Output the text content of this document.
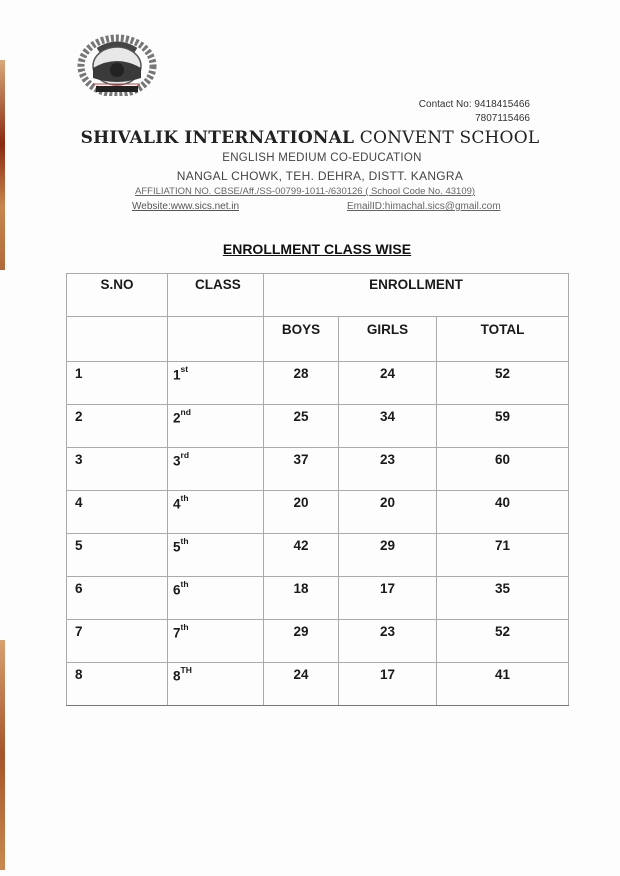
Contact No: 9418415466
7807115466
SHIVALIK INTERNATIONAL CONVENT SCHOOL
ENGLISH MEDIUM CO-EDUCATION
NANGAL CHOWK, TEH. DEHRA, DISTT. KANGRA
AFFILIATION NO. CBSE/Aff./SS-00799-1011-/630126 ( School Code No. 43109)
Website:www.sics.net.in	EmailID:himachal.sics@gmail.com
ENROLLMENT CLASS WISE
S.NO	CLASS	ENROLLMENT		
		BOYS	GIRLS	TOTAL
1	1st	28	24	52
2	2nd	25	34	59
3	3rd	37	23	60
4	4th	20	20	40
5	5th	42	29	71
6	6th	18	17	35
7	7th	29	23	52
8	8TH	24	17	41
